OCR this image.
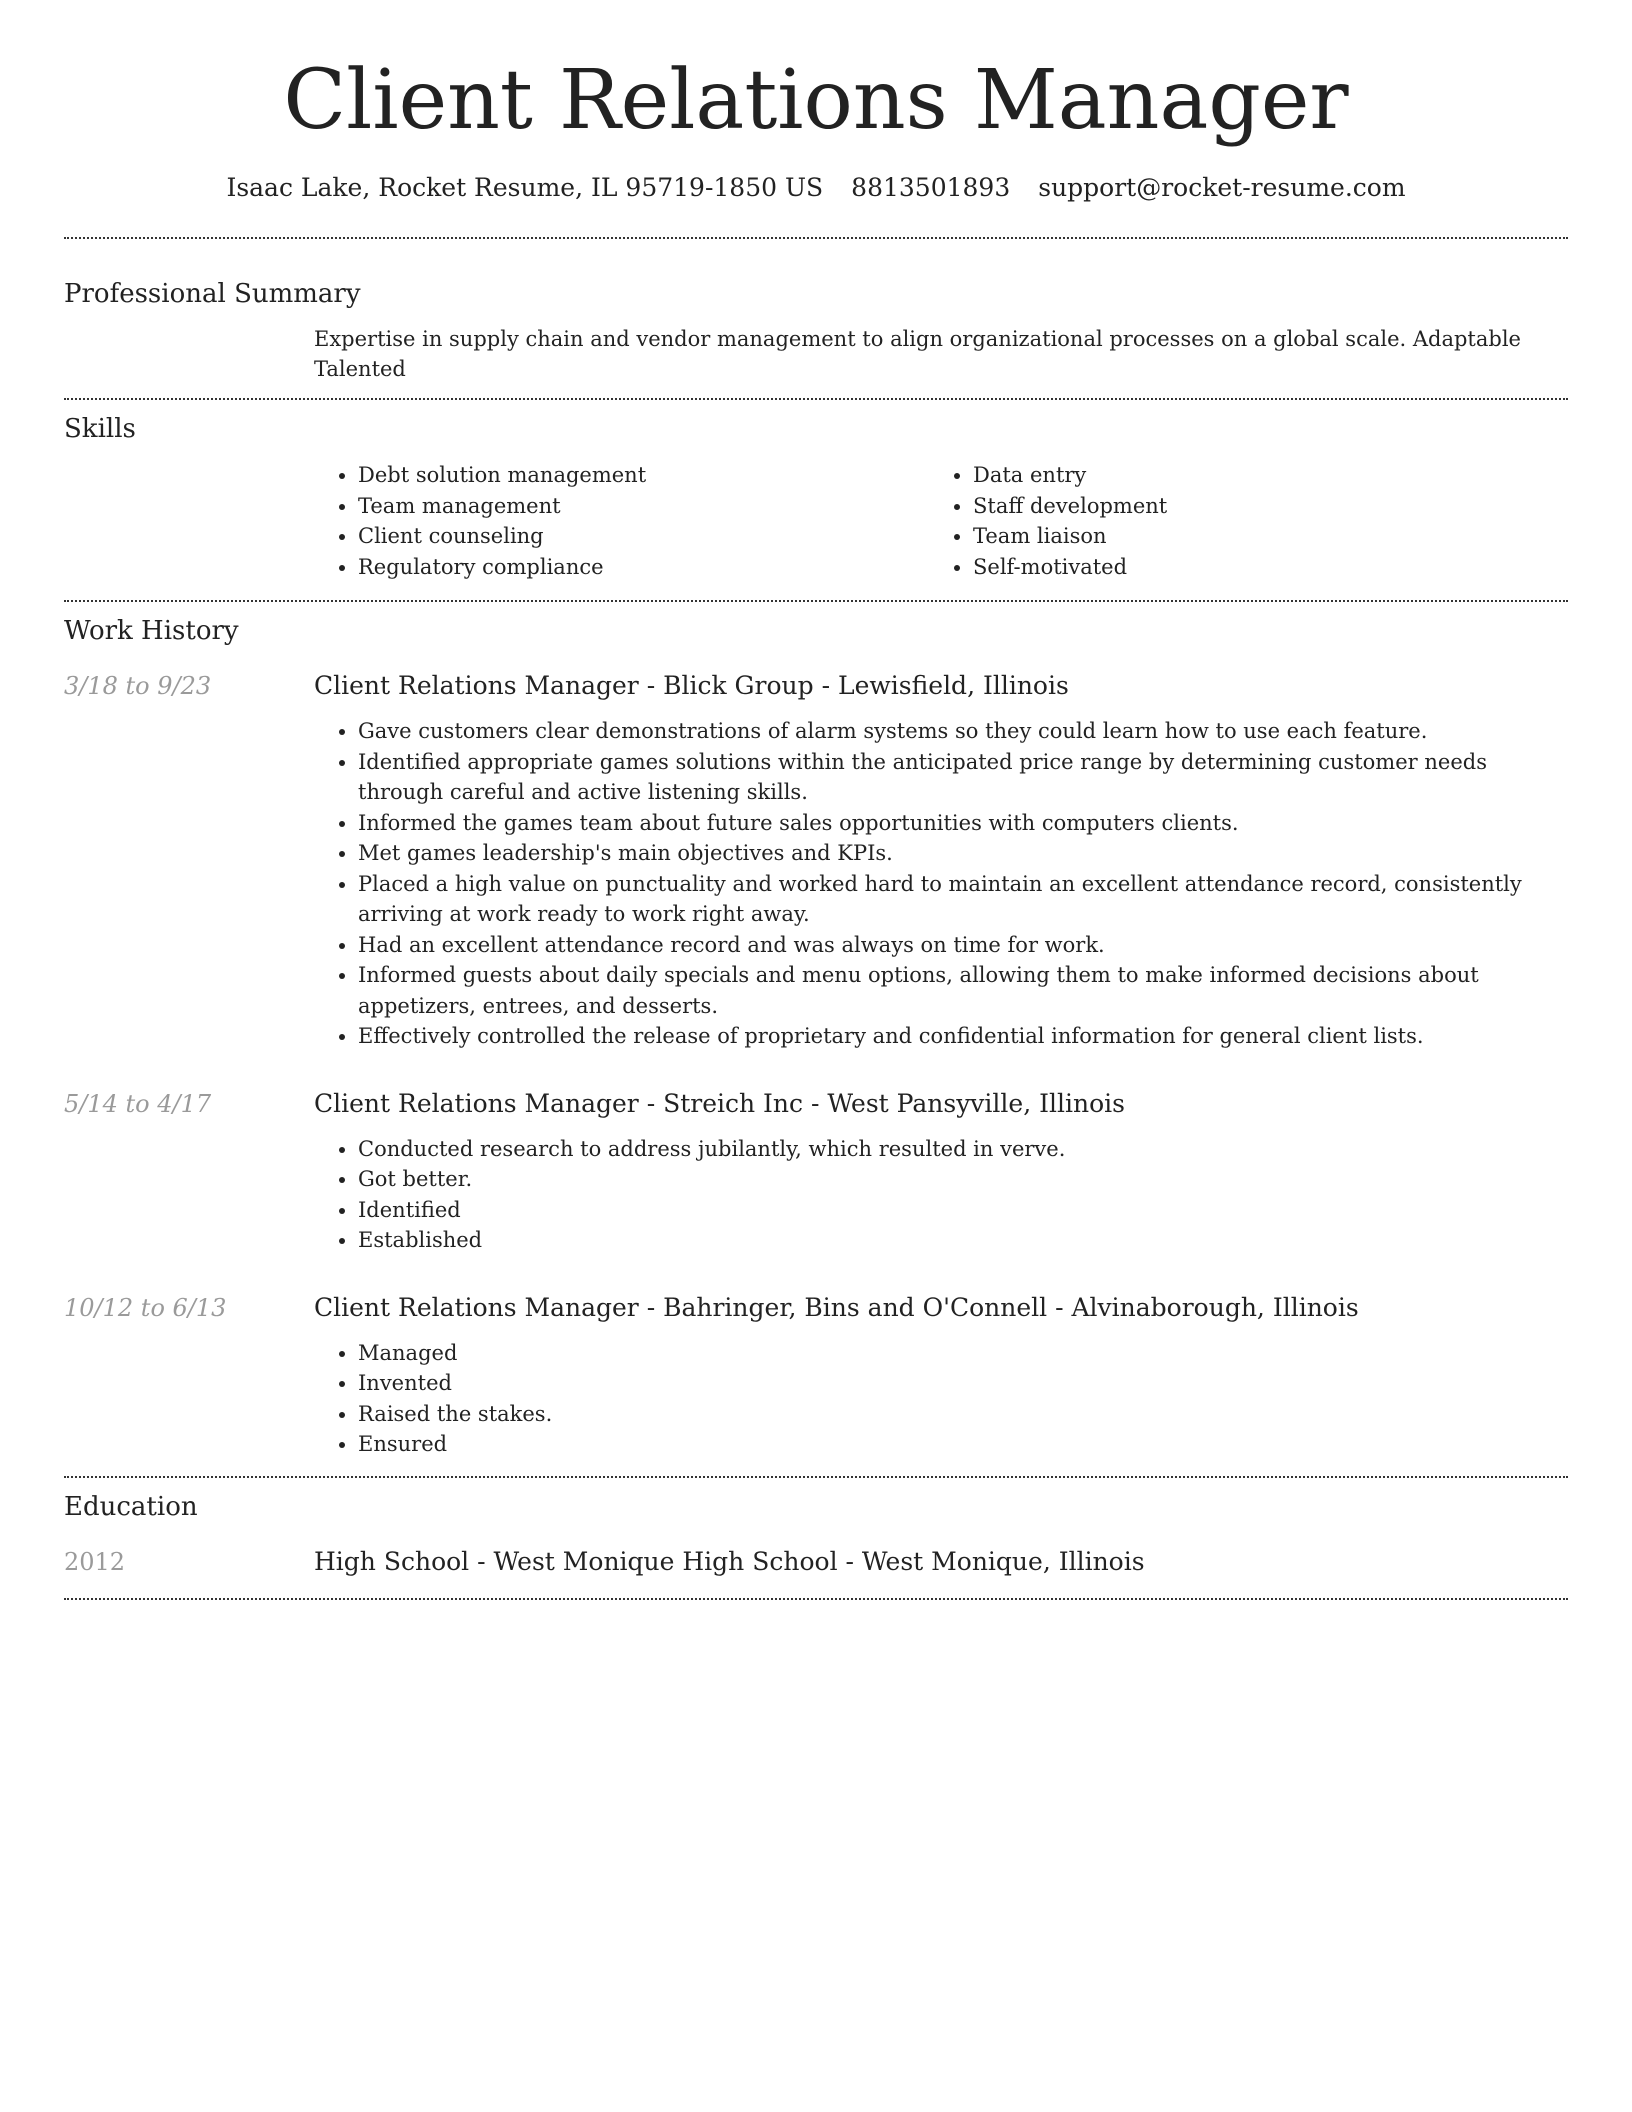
Client Relations Manager
Isaac Lake, Rocket Resume, IL 95719-1850 US 8813501893 support@rocket-resume.com
Professional Summary
Expertise in supply chain and vendor management to align organizational processes on a global scale. Adaptable Talented
Skills
• Debt solution management
• Team management
• Client counseling
• Regulatory compliance
• Data entry
• Staff development
• Team liaison
• Self-motivated
Work History
3/18 to 9/23	Client Relations Manager - Blick Group - Lewisfield, Illinois
• Gave customers clear demonstrations of alarm systems so they could learn how to use each feature.
• Identified appropriate games solutions within the anticipated price range by determining customer needs through careful and active listening skills.
• Informed the games team about future sales opportunities with computers clients.
• Met games leadership's main objectives and KPIs.
• Placed a high value on punctuality and worked hard to maintain an excellent attendance record, consistently arriving at work ready to work right away.
• Had an excellent attendance record and was always on time for work.
• Informed guests about daily specials and menu options, allowing them to make informed decisions about appetizers, entrees, and desserts.
• Effectively controlled the release of proprietary and confidential information for general client lists.
5/14 to 4/17	Client Relations Manager - Streich Inc - West Pansyville, Illinois
• Conducted research to address jubilantly, which resulted in verve.
• Got better.
• Identified
• Established
10/12 to 6/13	Client Relations Manager - Bahringer, Bins and O'Connell - Alvinaborough, Illinois
• Managed
• Invented
• Raised the stakes.
• Ensured
Education
2012	High School - West Monique High School - West Monique, Illinois
